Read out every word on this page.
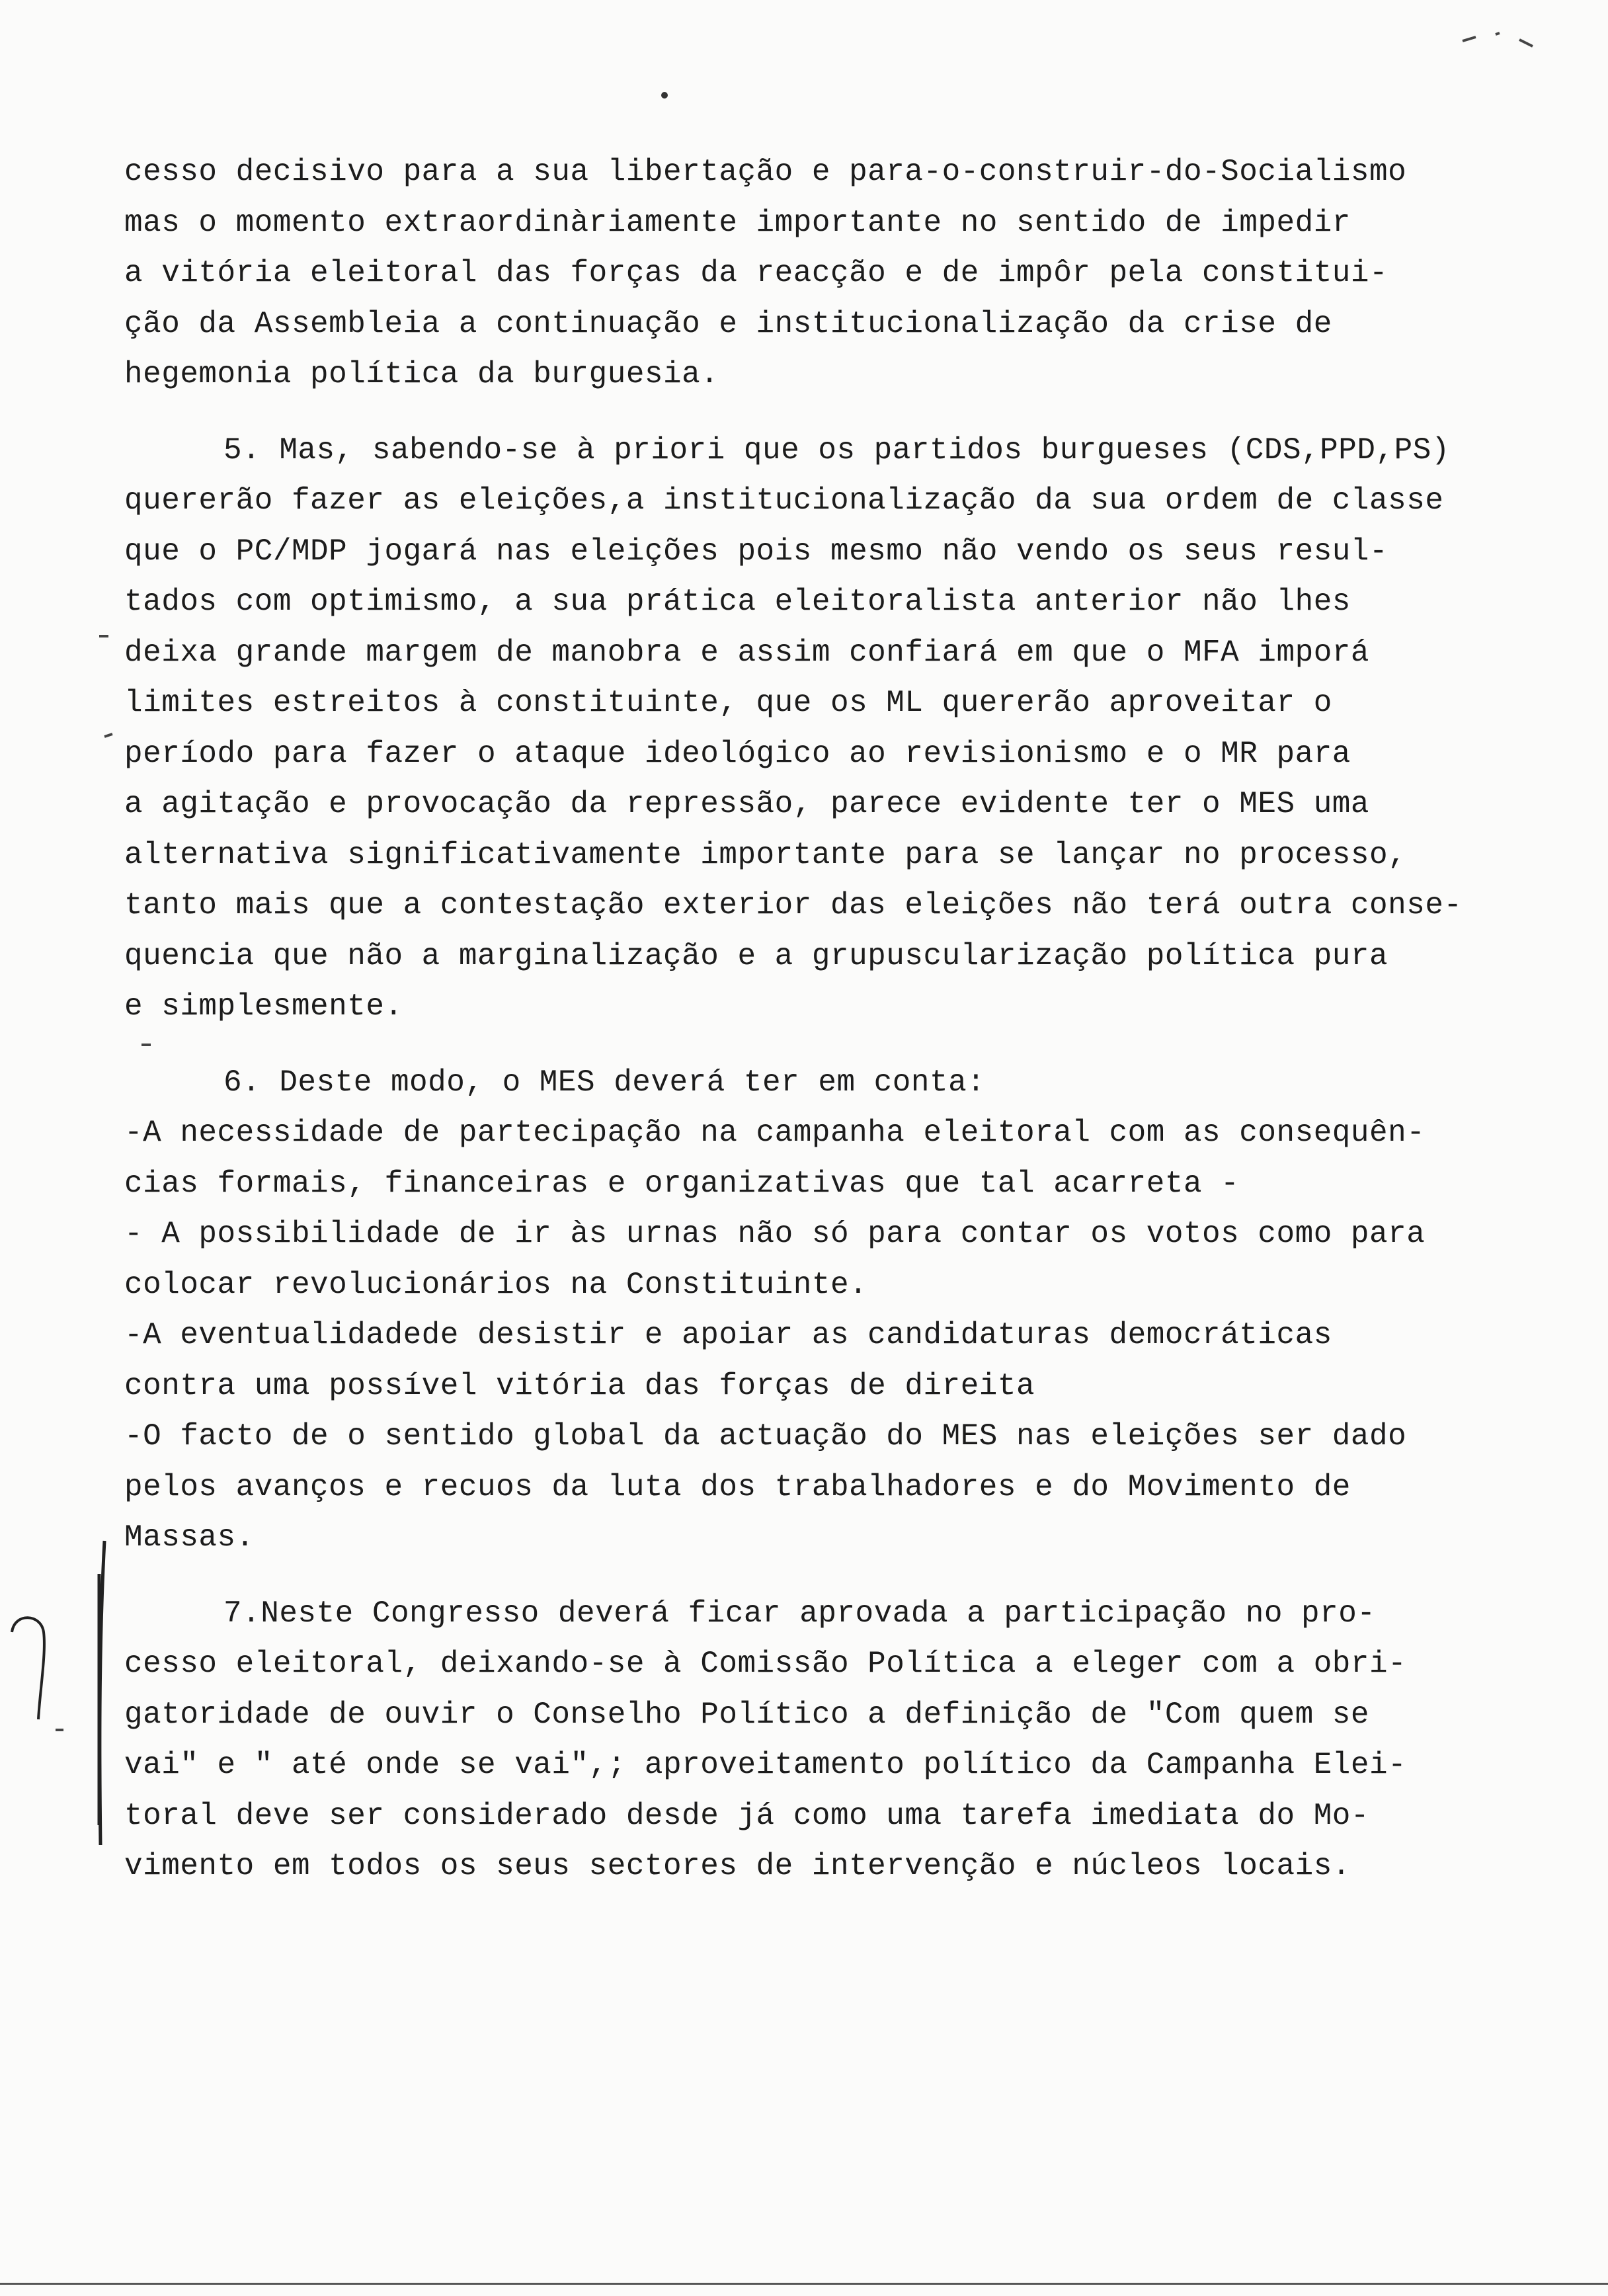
cesso decisivo para a sua libertação e para-o-construir-do-Socialismo
mas o momento extraordinàriamente importante no sentido de impedir
a vitória eleitoral das forças da reacção e de impôr pela constitui-
ção da Assembleia a continuação e institucionalização da crise de
hegemonia política da burguesia.
5. Mas, sabendo-se à priori que os partidos burgueses (CDS,PPD,PS)
quererão fazer as eleições,a institucionalização da sua ordem de classe
que o PC/MDP jogará nas eleições pois mesmo não vendo os seus resul-
tados com optimismo, a sua prática eleitoralista anterior não lhes
deixa grande margem de manobra e assim confiará em que o MFA imporá
limites estreitos à constituinte, que os ML quererão aproveitar o
período para fazer o ataque ideológico ao revisionismo e o MR para
a agitação e provocação da repressão, parece evidente ter o MES uma
alternativa significativamente importante para se lançar no processo,
tanto mais que a contestação exterior das eleições não terá outra conse-
quencia que não a marginalização e a grupuscularização política pura
e simplesmente.
6. Deste modo, o MES deverá ter em conta:
-A necessidade de partecipação na campanha eleitoral com as consequên-
cias formais, financeiras e organizativas que tal acarreta -
- A possibilidade de ir às urnas não só para contar os votos como para
colocar revolucionários na Constituinte.
-A eventualidadede desistir e apoiar as candidaturas democráticas
contra uma possível vitória das forças de direita
-O facto de o sentido global da actuação do MES nas eleições ser dado
pelos avanços e recuos da luta dos trabalhadores e do Movimento de
Massas.
7.Neste Congresso deverá ficar aprovada a participação no pro-
cesso eleitoral, deixando-se à Comissão Política a eleger com a obri-
gatoridade de ouvir o Conselho Político a definição de "Com quem se
vai" e " até onde se vai",; aproveitamento político da Campanha Elei-
toral deve ser considerado desde já como uma tarefa imediata do Mo-
vimento em todos os seus sectores de intervenção e núcleos locais.
